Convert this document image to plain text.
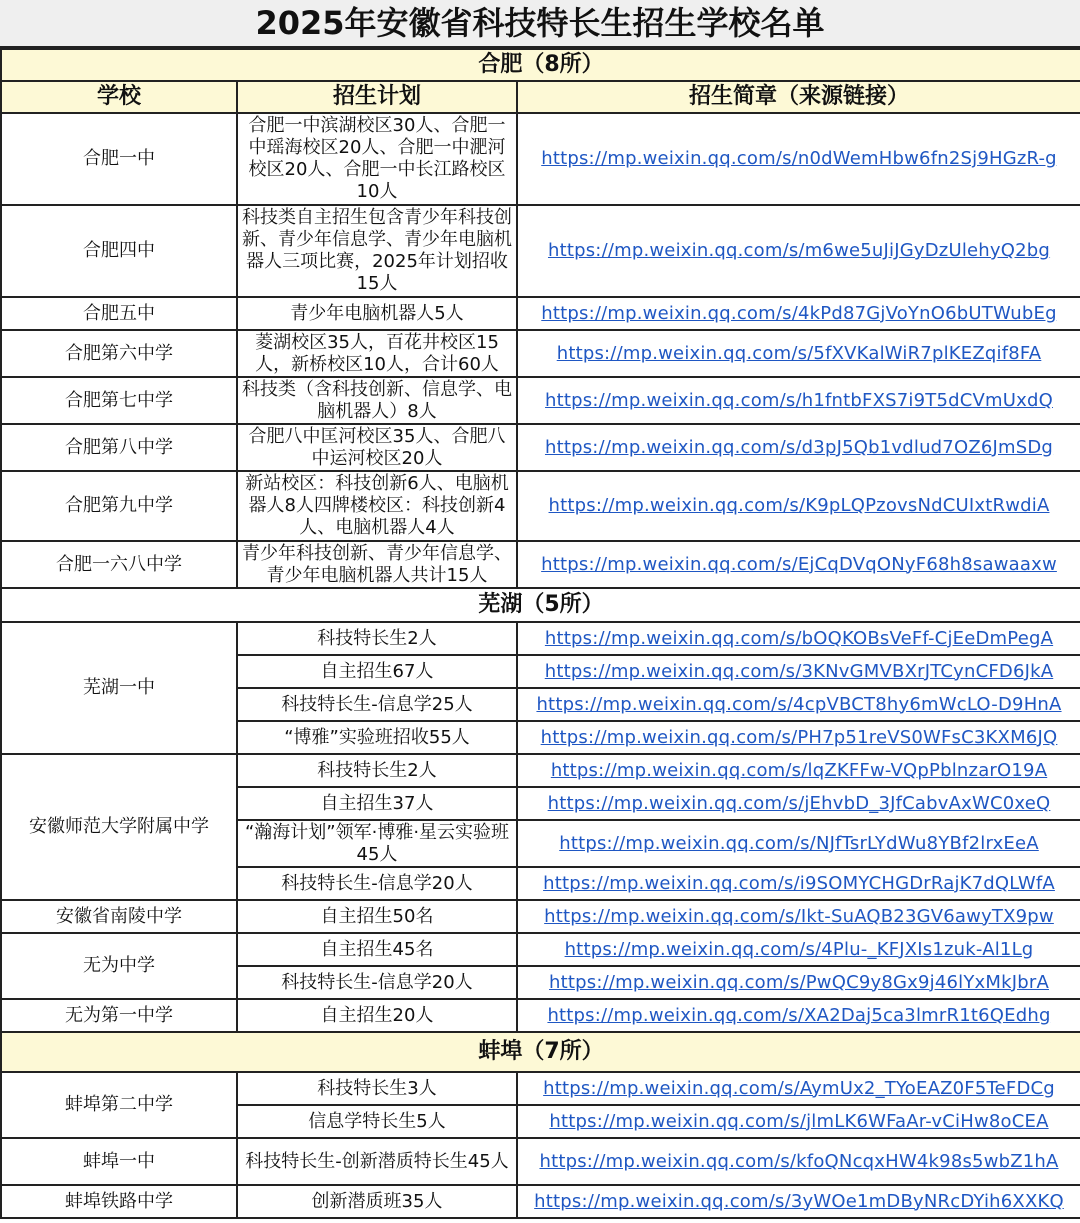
2025年安徽省科技特长生招生学校名单
合肥（8所）		
学校	招生计划	招生简章（来源链接）
合肥一中	合肥一中滨湖校区30人、合肥一中瑶海校区20人、合肥一中淝河校区20人、合肥一中长江路校区10人	https://mp.weixin.qq.com/s/n0dWemHbw6fn2Sj9HGzR-g
合肥四中	科技类自主招生包含青少年科技创新、青少年信息学、青少年电脑机器人三项比赛，2025年计划招收15人	https://mp.weixin.qq.com/s/m6we5uJiJGyDzUlehyQ2bg
合肥五中	青少年电脑机器人5人	https://mp.weixin.qq.com/s/4kPd87GjVoYnO6bUTWubEg
合肥第六中学	菱湖校区35人，百花井校区15人，新桥校区10人，合计60人	https://mp.weixin.qq.com/s/5fXVKalWiR7plKEZqif8FA
合肥第七中学	科技类（含科技创新、信息学、电脑机器人）8人	https://mp.weixin.qq.com/s/h1fntbFXS7i9T5dCVmUxdQ
合肥第八中学	合肥八中匡河校区35人、合肥八中运河校区20人	https://mp.weixin.qq.com/s/d3pJ5Qb1vdlud7OZ6JmSDg
合肥第九中学	新站校区：科技创新6人、电脑机器人8人四牌楼校区：科技创新4人、电脑机器人4人	https://mp.weixin.qq.com/s/K9pLQPzovsNdCUIxtRwdiA
合肥一六八中学	青少年科技创新、青少年信息学、青少年电脑机器人共计15人	https://mp.weixin.qq.com/s/EjCqDVqONyF68h8sawaaxw
芜湖（5所）		
芜湖一中	科技特长生2人	https://mp.weixin.qq.com/s/bOQKOBsVeFf-CjEeDmPegA
	自主招生67人	https://mp.weixin.qq.com/s/3KNvGMVBXrJTCynCFD6JkA
	科技特长生-信息学25人	https://mp.weixin.qq.com/s/4cpVBCT8hy6mWcLO-D9HnA
	“博雅”实验班招收55人	https://mp.weixin.qq.com/s/PH7p51reVS0WFsC3KXM6JQ
安徽师范大学附属中学	科技特长生2人	https://mp.weixin.qq.com/s/lqZKFFw-VQpPblnzarO19A
	自主招生37人	https://mp.weixin.qq.com/s/jEhvbD_3JfCabvAxWC0xeQ
	“瀚海计划”领军·博雅·星云实验班45人	https://mp.weixin.qq.com/s/NJfTsrLYdWu8YBf2lrxEeA
	科技特长生-信息学20人	https://mp.weixin.qq.com/s/i9SOMYCHGDrRajK7dQLWfA
安徽省南陵中学	自主招生50名	https://mp.weixin.qq.com/s/Ikt-SuAQB23GV6awyTX9pw
无为中学	自主招生45名	https://mp.weixin.qq.com/s/4Plu-_KFJXIs1zuk-Al1Lg
	科技特长生-信息学20人	https://mp.weixin.qq.com/s/PwQC9y8Gx9j46lYxMkJbrA
无为第一中学	自主招生20人	https://mp.weixin.qq.com/s/XA2Daj5ca3lmrR1t6QEdhg
蚌埠（7所）		
蚌埠第二中学	科技特长生3人	https://mp.weixin.qq.com/s/AymUx2_TYoEAZ0F5TeFDCg
	信息学特长生5人	https://mp.weixin.qq.com/s/jlmLK6WFaAr-vCiHw8oCEA
蚌埠一中	科技特长生-创新潜质特长生45人	https://mp.weixin.qq.com/s/kfoQNcqxHW4k98s5wbZ1hA
蚌埠铁路中学	创新潜质班35人	https://mp.weixin.qq.com/s/3yWOe1mDByNRcDYih6XXKQ
